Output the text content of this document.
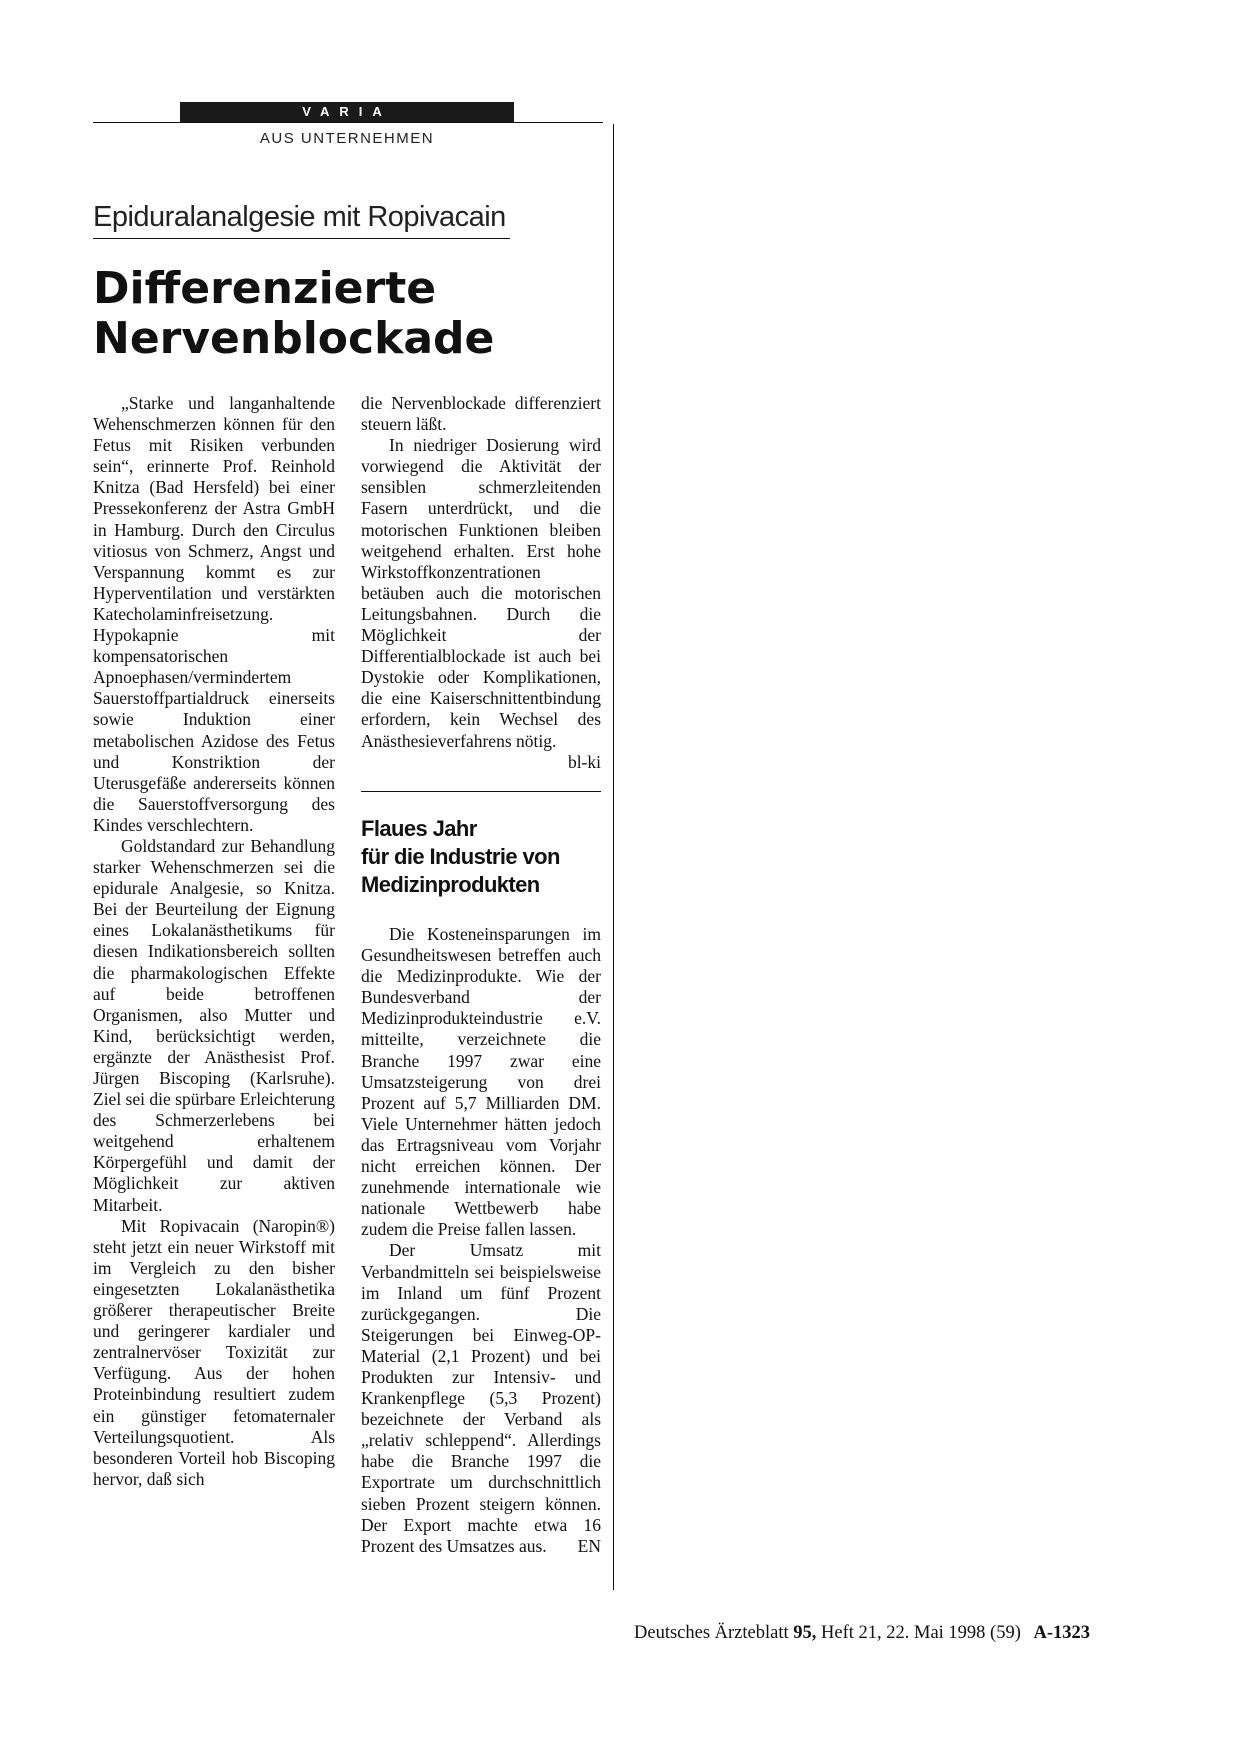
VARIA
AUS UNTERNEHMEN
Epiduralanalgesie mit Ropivacain
Differenzierte
Nervenblockade

„Starke und langanhaltende Wehenschmerzen können für den Fetus mit Risiken verbunden sein“, erinnerte Prof. Reinhold Knitza (Bad Hersfeld) bei einer Pressekonferenz der Astra GmbH in Hamburg. Durch den Circulus vitiosus von Schmerz, Angst und Verspannung kommt es zur Hyperventilation und verstärkten Katecholaminfreisetzung. Hypokapnie mit kompensatorischen Apnoephasen/vermindertem Sauerstoffpartialdruck einerseits sowie Induktion einer metabolischen Azidose des Fetus und Konstriktion der Uterusgefäße andererseits können die Sauerstoffversorgung des Kindes verschlechtern.

Goldstandard zur Behandlung starker Wehenschmerzen sei die epidurale Analgesie, so Knitza. Bei der Beurteilung der Eignung eines Lokalanästhetikums für diesen Indikationsbereich sollten die pharmakologischen Effekte auf beide betroffenen Organismen, also Mutter und Kind, berücksichtigt werden, ergänzte der Anästhesist Prof. Jürgen Biscoping (Karlsruhe). Ziel sei die spürbare Erleichterung des Schmerzerlebens bei weitgehend erhaltenem Körpergefühl und damit der Möglichkeit zur aktiven Mitarbeit.

Mit Ropivacain (Naropin®) steht jetzt ein neuer Wirkstoff mit im Vergleich zu den bisher eingesetzten Lokalanästhetika größerer therapeutischer Breite und geringerer kardialer und zentralnervöser Toxizität zur Verfügung. Aus der hohen Proteinbindung resultiert zudem ein günstiger fetomaternaler Verteilungsquotient. Als besonderen Vorteil hob Biscoping hervor, daß sich

die Nervenblockade differenziert steuern läßt.

In niedriger Dosierung wird vorwiegend die Aktivität der sensiblen schmerzleitenden Fasern unterdrückt, und die motorischen Funktionen bleiben weitgehend erhalten. Erst hohe Wirkstoffkonzentrationen betäuben auch die motorischen Leitungsbahnen. Durch die Möglichkeit der Differentialblockade ist auch bei Dystokie oder Komplikationen, die eine Kaiserschnittentbindung erfordern, kein Wechsel des Anästhesieverfahrens nötig.
bl-ki

Flaues Jahr
für die Industrie von
Medizinprodukten

Die Kosteneinsparungen im Gesundheitswesen betreffen auch die Medizinprodukte. Wie der Bundesverband der Medizinprodukteindustrie e.V. mitteilte, verzeichnete die Branche 1997 zwar eine Umsatzsteigerung von drei Prozent auf 5,7 Milliarden DM. Viele Unternehmer hätten jedoch das Ertragsniveau vom Vorjahr nicht erreichen können. Der zunehmende internationale wie nationale Wettbewerb habe zudem die Preise fallen lassen.

Der Umsatz mit Verbandmitteln sei beispielsweise im Inland um fünf Prozent zurückgegangen. Die Steigerungen bei Einweg-OP-Material (2,1 Prozent) und bei Produkten zur Intensiv- und Krankenpflege (5,3 Prozent) bezeichnete der Verband als „relativ schleppend“. Allerdings habe die Branche 1997 die Exportrate um durchschnittlich sieben Prozent steigern können. Der Export machte etwa 16 Prozent des Umsatzes aus.	EN

Deutsches Ärzteblatt 95, Heft 21, 22. Mai 1998 (59) A-1323
